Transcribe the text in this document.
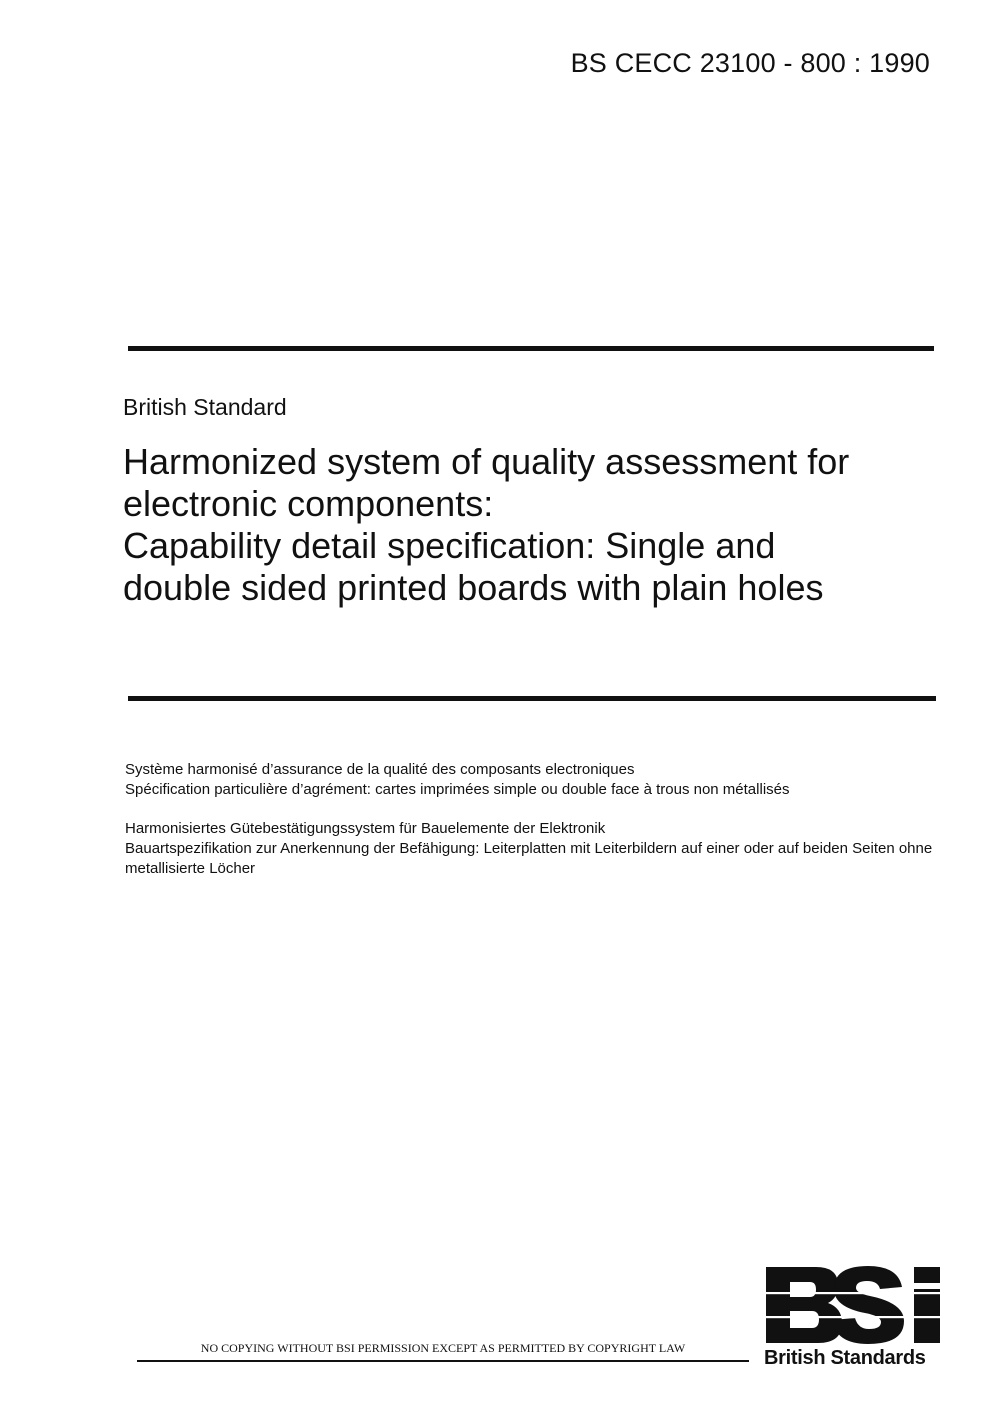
BS CECC 23100 - 800 : 1990
British Standard
Harmonized system of quality assessment for
electronic components:
Capability detail specification: Single and
double sided printed boards with plain holes
Système harmonisé d’assurance de la qualité des composants electroniques
Spécification particulière d’agrément: cartes imprimées simple ou double face à trous non métallisés
Harmonisiertes Gütebestätigungssystem für Bauelemente der Elektronik
Bauartspezifikation zur Anerkennung der Befähigung: Leiterplatten mit Leiterbildern auf einer oder auf beiden Seiten ohne metallisierte Löcher
NO COPYING WITHOUT BSI PERMISSION EXCEPT AS PERMITTED BY COPYRIGHT LAW	British Standards
